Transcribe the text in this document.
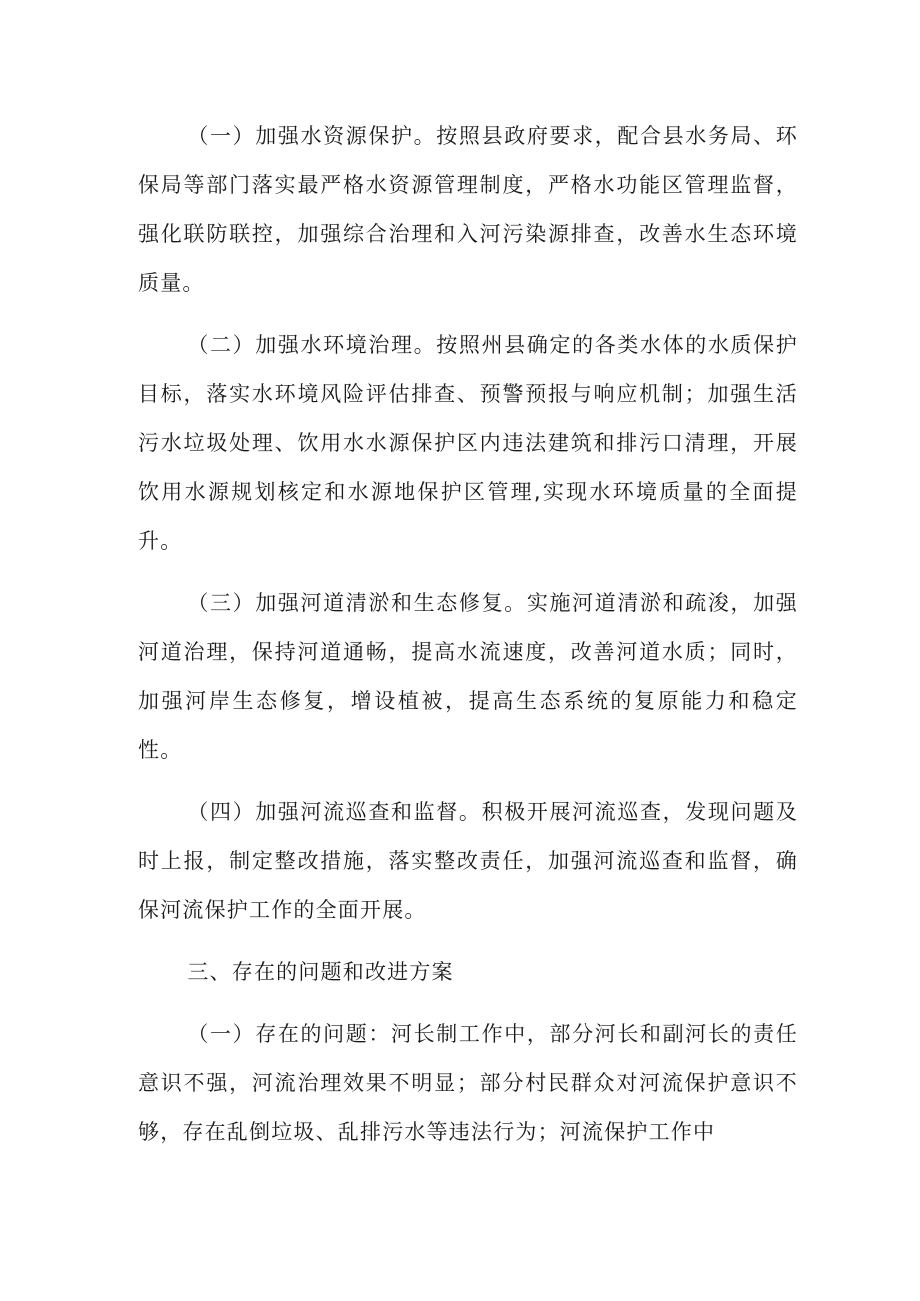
（一）加强水资源保护。按照县政府要求，配合县水务局、环保局等部门落实最严格水资源管理制度，严格水功能区管理监督，强化联防联控，加强综合治理和入河污染源排查，改善水生态环境质量。

（二）加强水环境治理。按照州县确定的各类水体的水质保护目标，落实水环境风险评估排查、预警预报与响应机制；加强生活污水垃圾处理、饮用水水源保护区内违法建筑和排污口清理，开展饮用水源规划核定和水源地保护区管理,实现水环境质量的全面提升。

（三）加强河道清淤和生态修复。实施河道清淤和疏浚，加强河道治理，保持河道通畅，提高水流速度，改善河道水质；同时，加强河岸生态修复，增设植被，提高生态系统的复原能力和稳定性。

（四）加强河流巡查和监督。积极开展河流巡查，发现问题及时上报，制定整改措施，落实整改责任，加强河流巡查和监督，确保河流保护工作的全面开展。

三、存在的问题和改进方案

（一）存在的问题：河长制工作中，部分河长和副河长的责任意识不强，河流治理效果不明显；部分村民群众对河流保护意识不够，存在乱倒垃圾、乱排污水等违法行为；河流保护工作中
